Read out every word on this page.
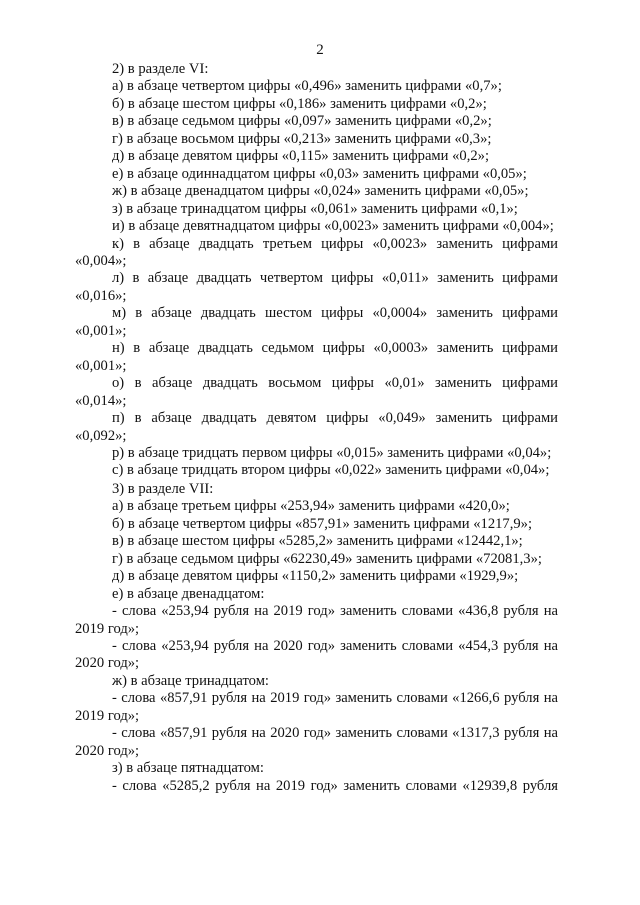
2

2) в разделе VI:

а) в абзаце четвертом цифры «0,496» заменить цифрами «0,7»;

б) в абзаце шестом цифры «0,186» заменить цифрами «0,2»;

в) в абзаце седьмом цифры «0,097» заменить цифрами «0,2»;

г) в абзаце восьмом цифры «0,213» заменить цифрами «0,3»;

д) в абзаце девятом цифры «0,115» заменить цифрами «0,2»;

е) в абзаце одиннадцатом цифры «0,03» заменить цифрами «0,05»;

ж) в абзаце двенадцатом цифры «0,024» заменить цифрами «0,05»;

з) в абзаце тринадцатом цифры «0,061» заменить цифрами «0,1»;

и) в абзаце девятнадцатом цифры «0,0023» заменить цифрами «0,004»;

к) в абзаце двадцать третьем цифры «0,0023» заменить цифрами «0,004»;

л) в абзаце двадцать четвертом цифры «0,011» заменить цифрами «0,016»;

м) в абзаце двадцать шестом цифры «0,0004» заменить цифрами «0,001»;

н) в абзаце двадцать седьмом цифры «0,0003» заменить цифрами «0,001»;

о) в абзаце двадцать восьмом цифры «0,01» заменить цифрами «0,014»;

п) в абзаце двадцать девятом цифры «0,049» заменить цифрами «0,092»;

р) в абзаце тридцать первом цифры «0,015» заменить цифрами «0,04»;

с) в абзаце тридцать втором цифры «0,022» заменить цифрами «0,04»;

3) в разделе VII:

а) в абзаце третьем цифры «253,94» заменить цифрами «420,0»;

б) в абзаце четвертом цифры «857,91» заменить цифрами «1217,9»;

в) в абзаце шестом цифры «5285,2» заменить цифрами «12442,1»;

г) в абзаце седьмом цифры «62230,49» заменить цифрами «72081,3»;

д) в абзаце девятом цифры «1150,2» заменить цифрами «1929,9»;

е) в абзаце двенадцатом:

- слова «253,94 рубля на 2019 год» заменить словами «436,8 рубля на 2019 год»;

- слова «253,94 рубля на 2020 год» заменить словами «454,3 рубля на 2020 год»;

ж) в абзаце тринадцатом:

- слова «857,91 рубля на 2019 год» заменить словами «1266,6 рубля на 2019 год»;

- слова «857,91 рубля на 2020 год» заменить словами «1317,3 рубля на 2020 год»;

з) в абзаце пятнадцатом:

- слова «5285,2 рубля на 2019 год» заменить словами «12939,8 рубля
